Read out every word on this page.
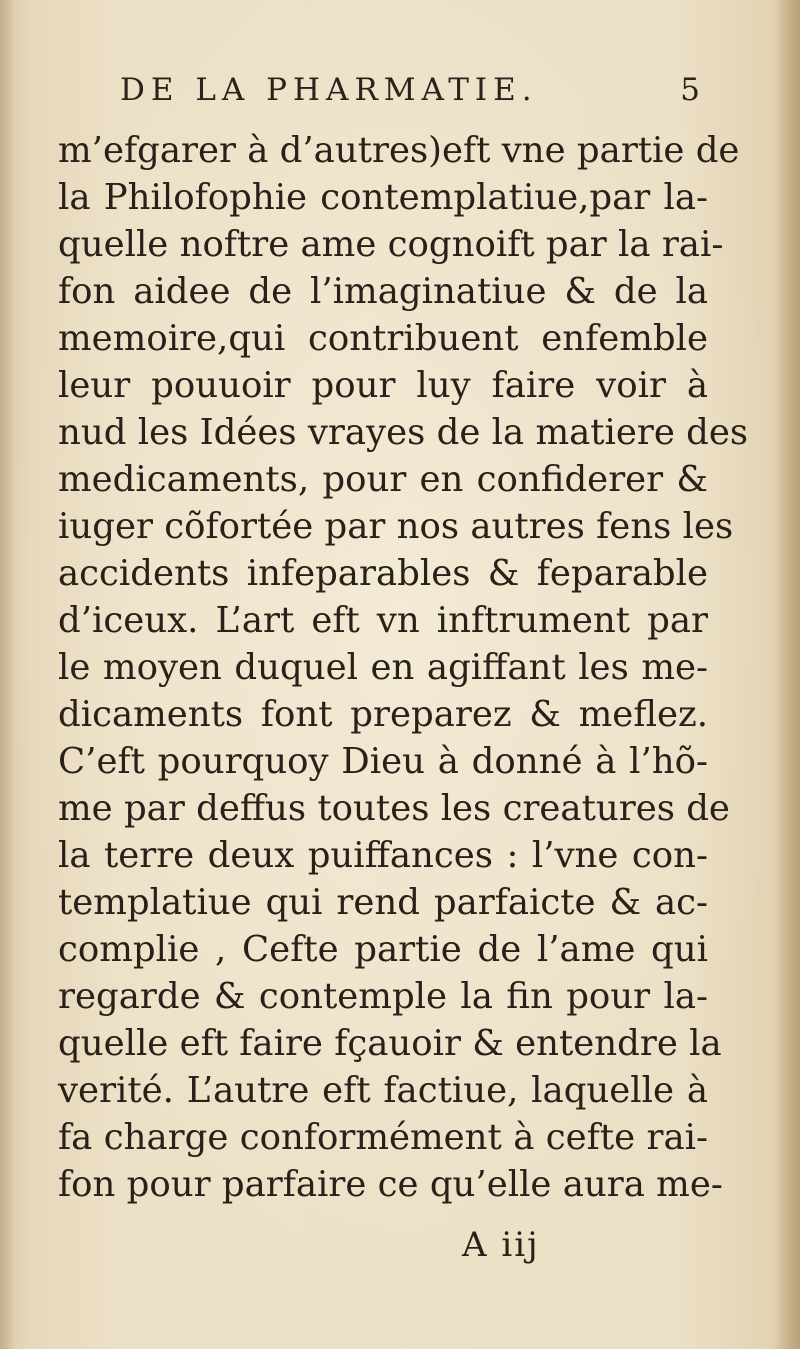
DE LA PHARMATIE.	5
m’efgarer à d’autres)eft vne partie de
la Philofophie contemplatiue,par la-
quelle noftre ame cognoift par la rai-
fon aidee de l’imaginatiue & de la
memoire,qui contribuent enfemble
leur pouuoir pour luy faire voir à
nud les Idées vrayes de la matiere des
medicaments, pour en confiderer &
iuger cõfortée par nos autres fens les
accidents infeparables & feparable
d’iceux. L’art eft vn inftrument par
le moyen duquel en agiffant les me-
dicaments font preparez & meflez.
C’eft pourquoy Dieu à donné à l’hõ-
me par deffus toutes les creatures de
la terre deux puiffances : l’vne con-
templatiue qui rend parfaicte & ac-
complie , Cefte partie de l’ame qui
regarde & contemple la fin pour la-
quelle eft faire fçauoir & entendre la
verité. L’autre eft factiue, laquelle à
fa charge conformément à cefte rai-
fon pour parfaire ce qu’elle aura me-
A iij
